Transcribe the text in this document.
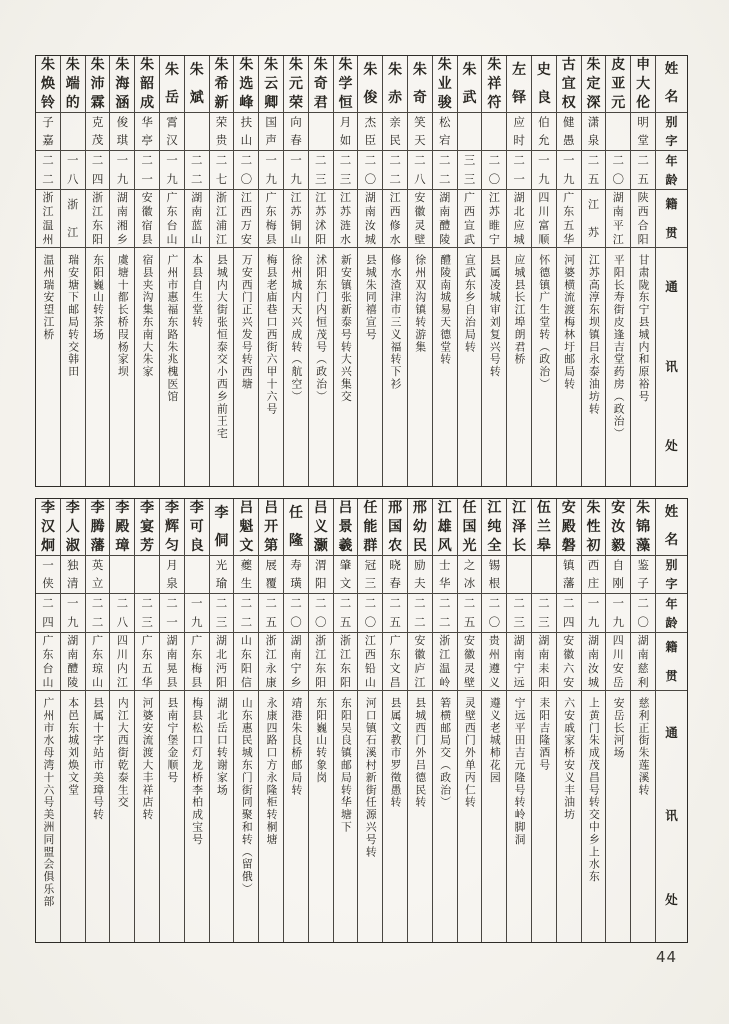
姓
名
别
字
年
龄
籍
贯
通
讯
处
申
大
伦
明
堂
二
五
陕
西
合
阳
甘肃陇东宁县城内和原裕号
皮
亚
元
二
〇
湖
南
平
江
平阳长寿街皮逢吉堂药房（政治）
朱
定
深
潇
泉
二
五
江
苏
江苏高淳东坝镇吕永泰油坊转
古
宜
权
健
愚
一
九
广
东
五
华
河婆横流渡梅林圩邮局转
史
良
伯
允
一
九
四
川
富
顺
怀德镇广生堂转（政治）
左
铎
应
时
二
一
湖
北
应
城
应城县长江埠朗君桥
朱
祥
符
二
〇
江
苏
睢
宁
县属凌城审刘复兴号转
朱
武
三
三
广
西
宣
武
宣武东乡自治局转
朱
业
骏
松
宕
二
二
湖
南
醴
陵
醴陵南城易天德堂转
朱
奇
笑
天
二
八
安
徽
灵
壁
徐州双沟镇转游集
朱
赤
亲
民
二
二
江
西
修
水
修水渣津市三义福转下衫
朱
俊
杰
臣
二
〇
湖
南
汝
城
县城朱同禧宣号
朱
学
恒
月
如
二
三
江
苏
涟
水
新安镇张新泰号转大兴集交
朱
奇
君
二
三
江
苏
沭
阳
沭阳东门内恒茂号（政治）
朱
元
荣
向
春
一
九
江
苏
铜
山
徐州城内天兴成转（航空）
朱
云
卿
国
声
一
九
广
东
梅
县
梅县老庙巷口西街六甲十六号
朱
选
峰
扶
山
二
〇
江
西
万
安
万安西门正兴发号转西塘
朱
希
新
荣
贵
二
七
浙
江
浦
江
县城内大街张恒泰交小西乡前王宅
朱
斌
二
二
湖
南
蓝
山
本县自生堂转
朱
岳
霄
汉
一
九
广
东
台
山
广州市惠福东路朱兆槐医馆
朱
韶
成
华
亭
二
一
安
徽
宿
县
宿县夹沟集东南大朱家
朱
海
涵
俊
琪
一
九
湖
南
湘
乡
虞塘十都长桥叚杨家坝
朱
沛
霖
克
茂
二
四
浙
江
东
阳
东阳巍山转茶场
朱
端
的
一
八
浙
江
瑞安塘下邮局转交韩田
朱
焕
铃
子
嘉
二
二
浙
江
温
州
温州瑞安望江桥
姓
名
别
字
年
龄
籍
贯
通
讯
处
朱
锦
藻
鉴
子
二
〇
湖
南
慈
利
慈利正街朱莲溪转
安
汝
毅
自
刚
一
九
四
川
安
岳
安岳长河场
朱
性
初
西
庄
一
九
湖
南
汝
城
上黄门朱成茂昌号转交中乡上水东
安
殿
磐
镇
藩
二
四
安
徽
六
安
六安戚家桥安义丰油坊
伍
兰
皋
二
三
湖
南
耒
阳
耒阳吉隆酒号
江
泽
长
二
三
湖
南
宁
远
宁远平田吉元隆号转岭脚洞
江
纯
全
锡
根
二
〇
贵
州
遵
义
遵义老城柿花园
任
国
光
之
冰
二
五
安
徽
灵
壁
灵壁西门外单丙仁转
江
雄
风
士
华
二
二
浙
江
温
岭
箬横邮局交（政治）
邢
幼
民
励
夫
二
二
安
徽
庐
江
县城西门外吕德民转
邢
国
农
晓
春
二
五
广
东
文
昌
县属文教市罗徵愚转
任
能
群
冠
三
二
〇
江
西
铅
山
河口镇石溪村新街任源兴号转
吕
景
羲
肇
文
二
五
浙
江
东
阳
东阳吴良镇邮局转华塘下
吕
义
灏
渭
阳
二
〇
浙
江
东
阳
东阳巍山转象岗
任
隆
寿
璜
二
〇
湖
南
宁
乡
靖港朱良桥邮局转
吕
开
第
展
覆
二
五
浙
江
永
康
永康四路口方永隆柜转桐塘
吕
魁
文
夔
生
二
二
山
东
阳
信
山东惠民城东门街同聚和转（留俄）
李
侗
光
瑜
二
三
湖
北
沔
阳
湖北岳口转谢家场
李
可
良
一
九
广
东
梅
县
梅县松口灯龙桥李柏成宝号
李
辉
匀
月
泉
二
一
湖
南
晃
县
县南宁堡金顺号
李
宴
芳
二
三
广
东
五
华
河婆安流渡大丰祥店转
李
殿
璋
二
八
四
川
内
江
内江大西街乾泰生交
李
腾
藩
英
立
二
二
广
东
琼
山
县属十字站市美璋号转
李
人
淑
独
清
一
九
湖
南
醴
陵
本邑东城刘焕文堂
李
汉
炯
一
侠
二
四
广
东
台
山
广州市水母湾十六号美洲同盟会俱乐部
44
